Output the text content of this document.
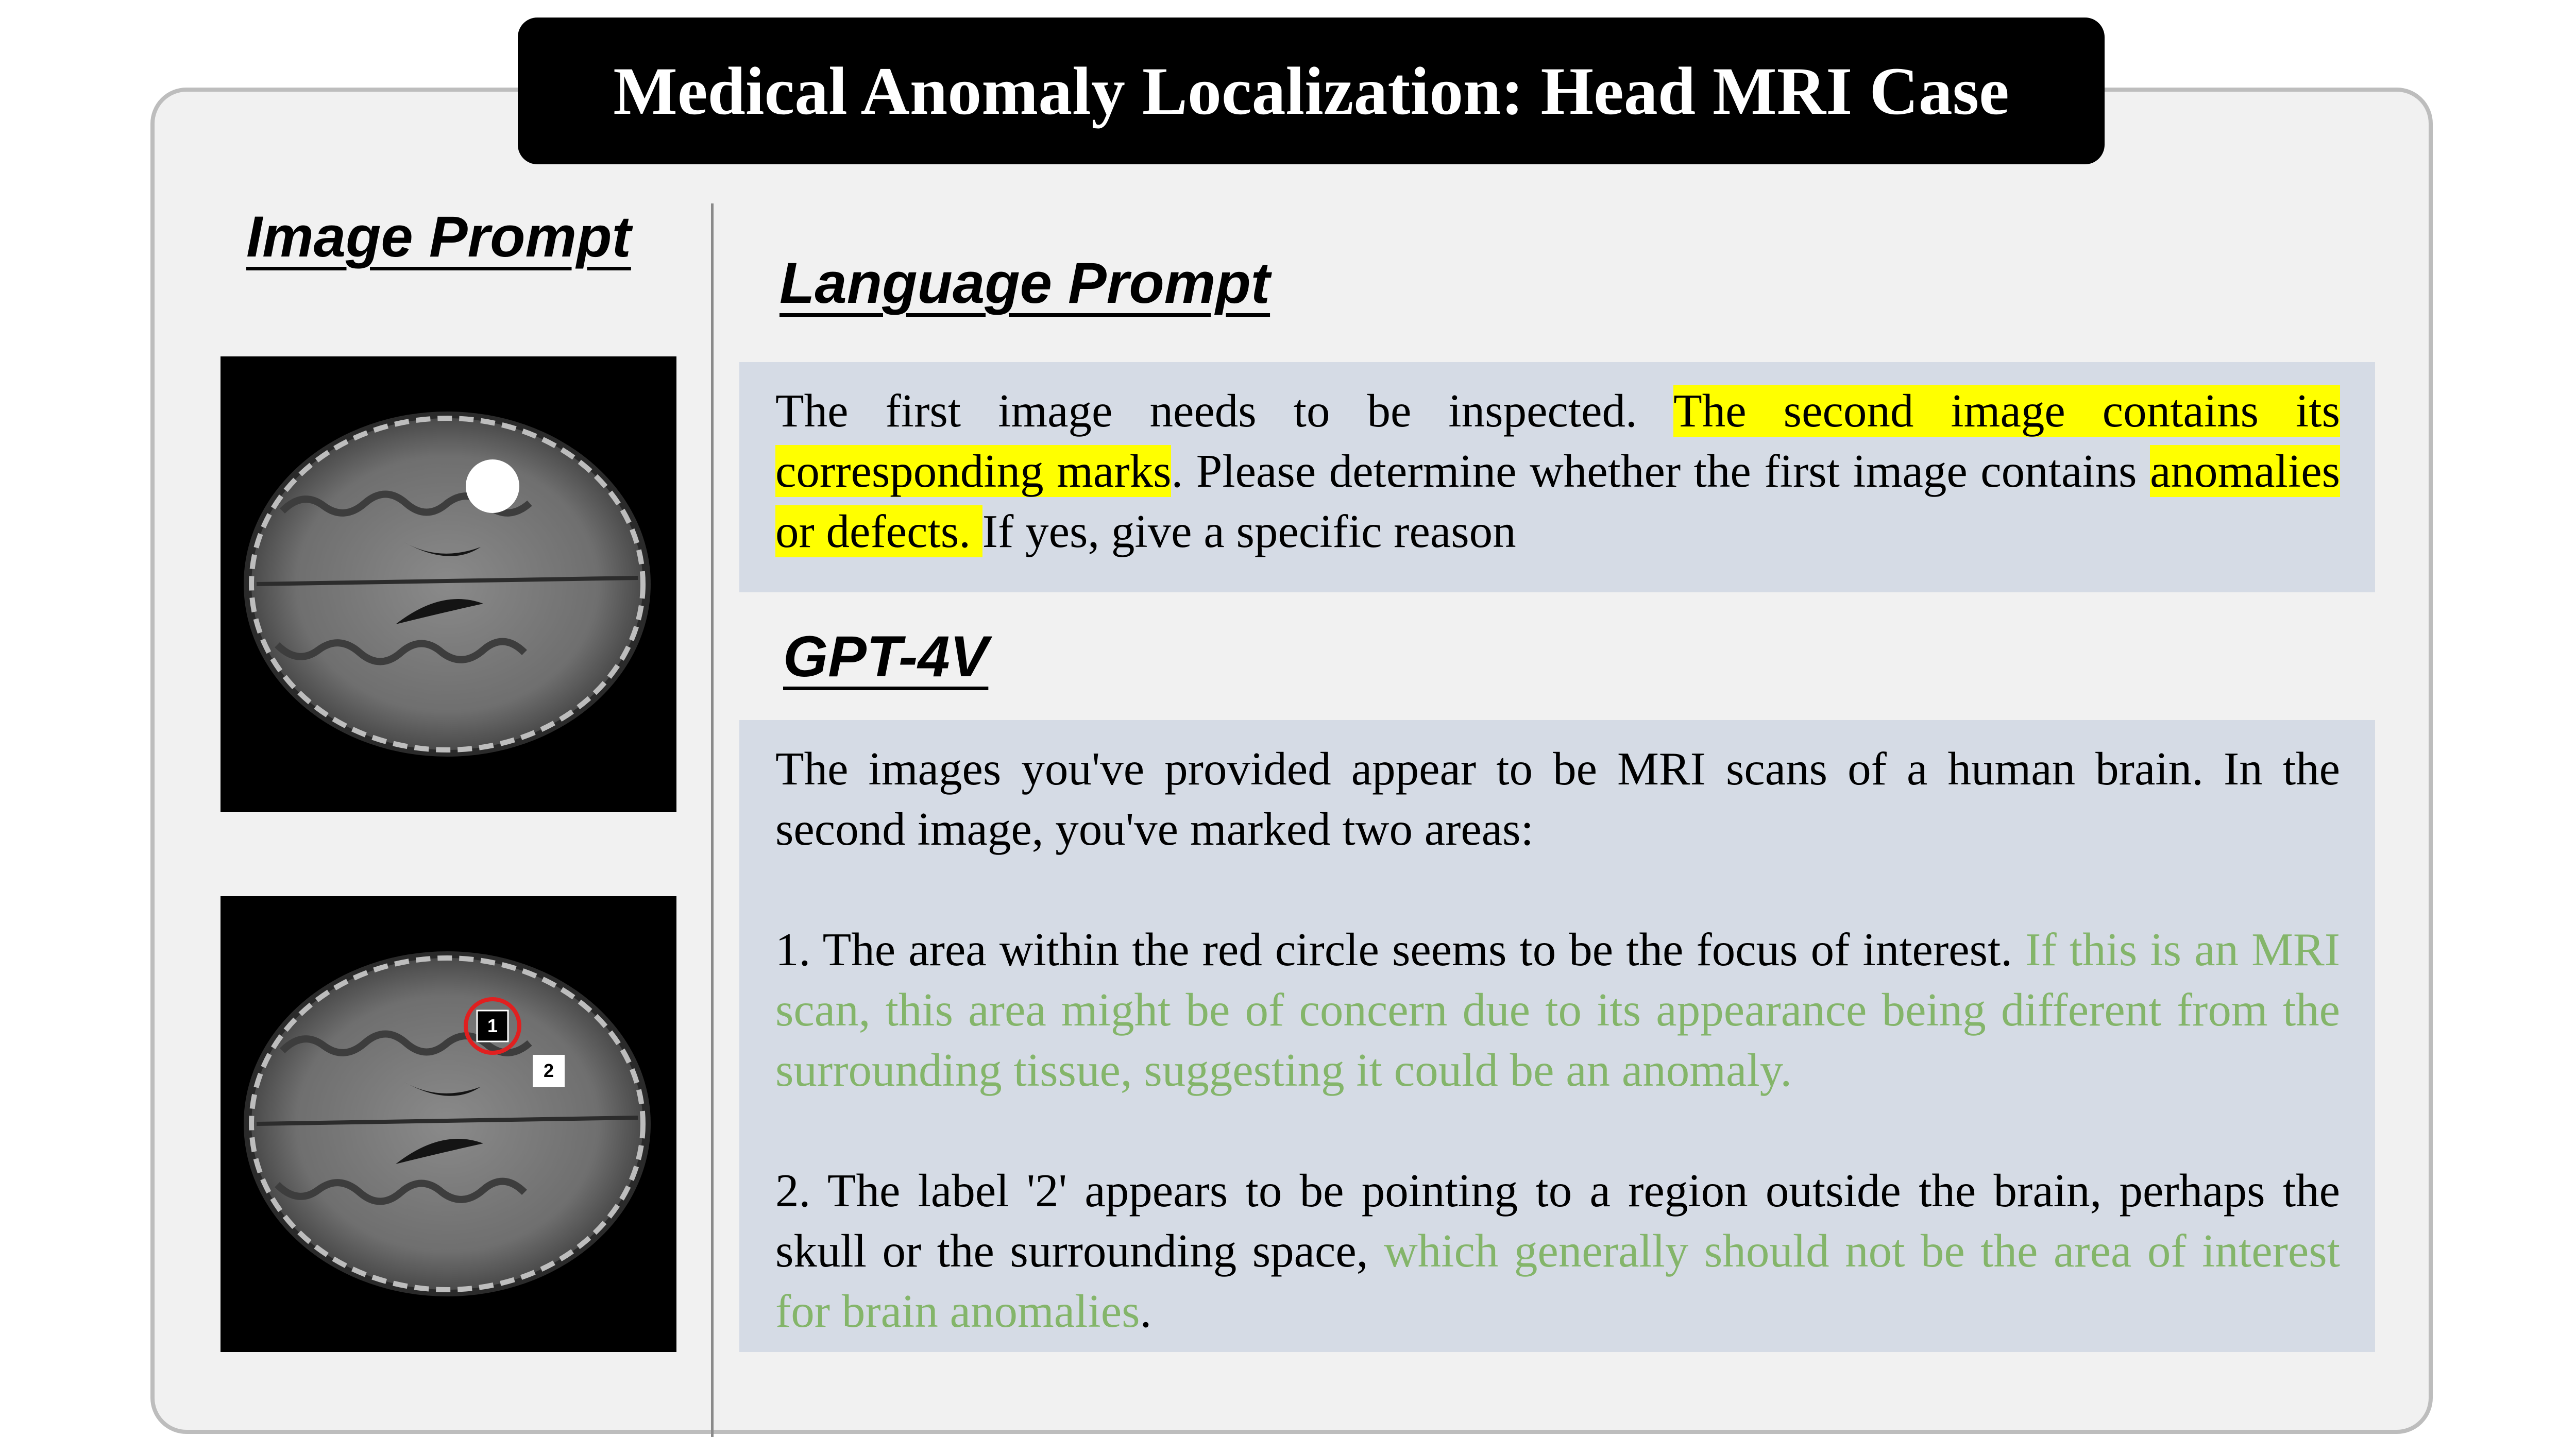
Medical Anomaly Localization: Head MRI Case
Image Prompt
1
2
Language Prompt

The first image needs to be inspected. The second image contains its corresponding marks. Please determine whether the first image contains anomalies or defects. If yes, give a specific reason

GPT-4V

The images you've provided appear to be MRI scans of a human brain. In the second image, you've marked two areas:

1. The area within the red circle seems to be the focus of interest. If this is an MRI scan, this area might be of concern due to its appearance being different from the surrounding tissue, suggesting it could be an anomaly.

2. The label '2' appears to be pointing to a region outside the brain, perhaps the skull or the surrounding space, which generally should not be the area of interest for brain anomalies.
